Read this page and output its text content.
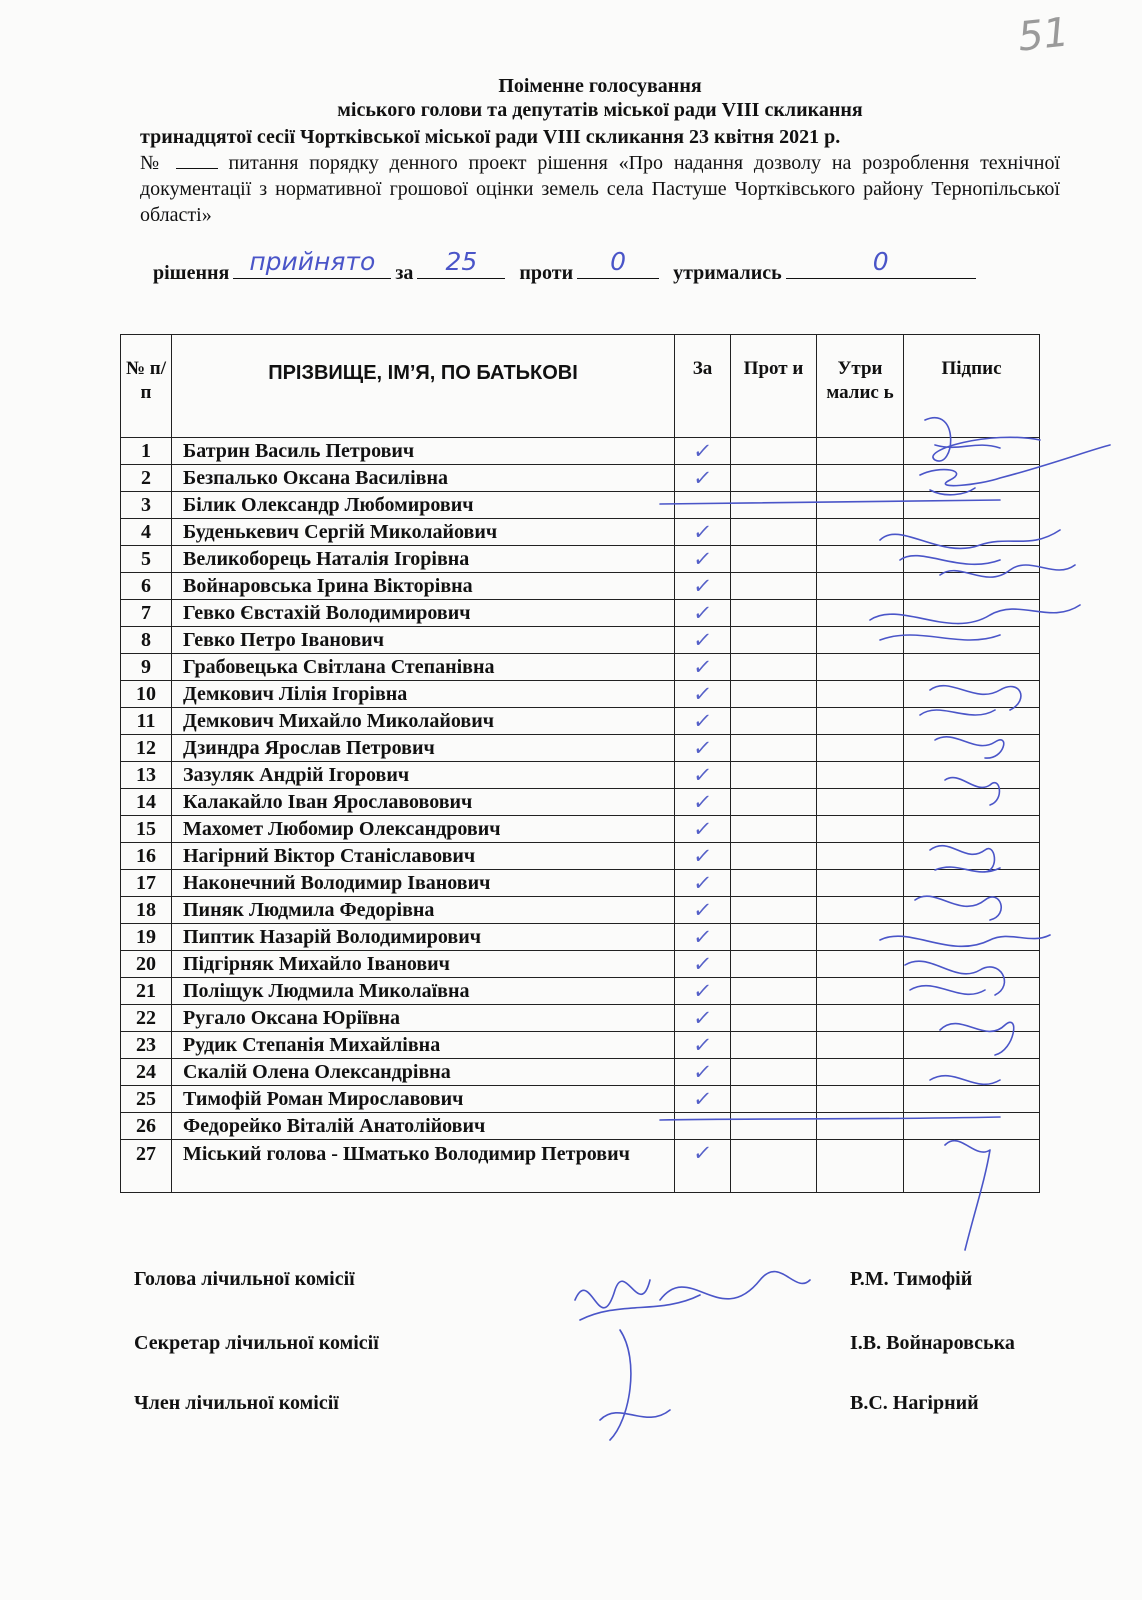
51
Поіменне голосування
міського голови та депутатів міської ради VIII скликання
тринадцятої сесії Чортківської міської ради VIII скликання 23 квітня 2021 р.
№	питання порядку денного проект рішення «Про надання дозволу на розроблення технічної документації з нормативної грошової оцінки земель села Пастуше Чортківського району Тернопільської області»
рішення прийнято	за	25	проти	0	утримались	0
№ п/п	ПРІЗВИЩЕ, ІМ’Я, ПО БАТЬКОВІ	За	Прот и	Утри малис ь	Підпис
1	Батрин Василь Петрович	✓			

2	Безпалько Оксана Василівна	✓			

3	Білик Олександр Любомирович				
4	Буденькевич Сергій Миколайович	✓			

5	Великоборець Наталія Ігорівна	✓			

6	Войнаровська Ірина Вікторівна	✓			

7	Гевко Євстахій Володимирович	✓			

8	Гевко Петро Іванович	✓			

9	Грабовецька Світлана Степанівна	✓			

10	Демкович Лілія Ігорівна	✓			

11	Демкович Михайло Миколайович	✓			

12	Дзиндра Ярослав Петрович	✓			

13	Зазуляк Андрій Ігорович	✓			

14	Калакайло Іван Ярославовович	✓			

15	Махомет Любомир Олександрович	✓			

16	Нагірний Віктор Станіславович	✓			

17	Наконечний Володимир Іванович	✓			

18	Пиняк Людмила Федорівна	✓			

19	Пиптик Назарій Володимирович	✓			

20	Підгірняк Михайло Іванович	✓			

21	Поліщук Людмила Миколаївна	✓			

22	Ругало Оксана Юріївна	✓			

23	Рудик Степанія Михайлівна	✓			

24	Скалій Олена Олександрівна	✓			

25	Тимофій Роман Мирославович	✓			

26	Федорейко Віталій Анатолійович				
27	Міський голова - Шматько Володимир Петрович	✓			

Голова лічильної комісії	Р.М. Тимофій
Секретар лічильної комісії	І.В. Войнаровська
Член лічильної комісії	В.С. Нагірний
